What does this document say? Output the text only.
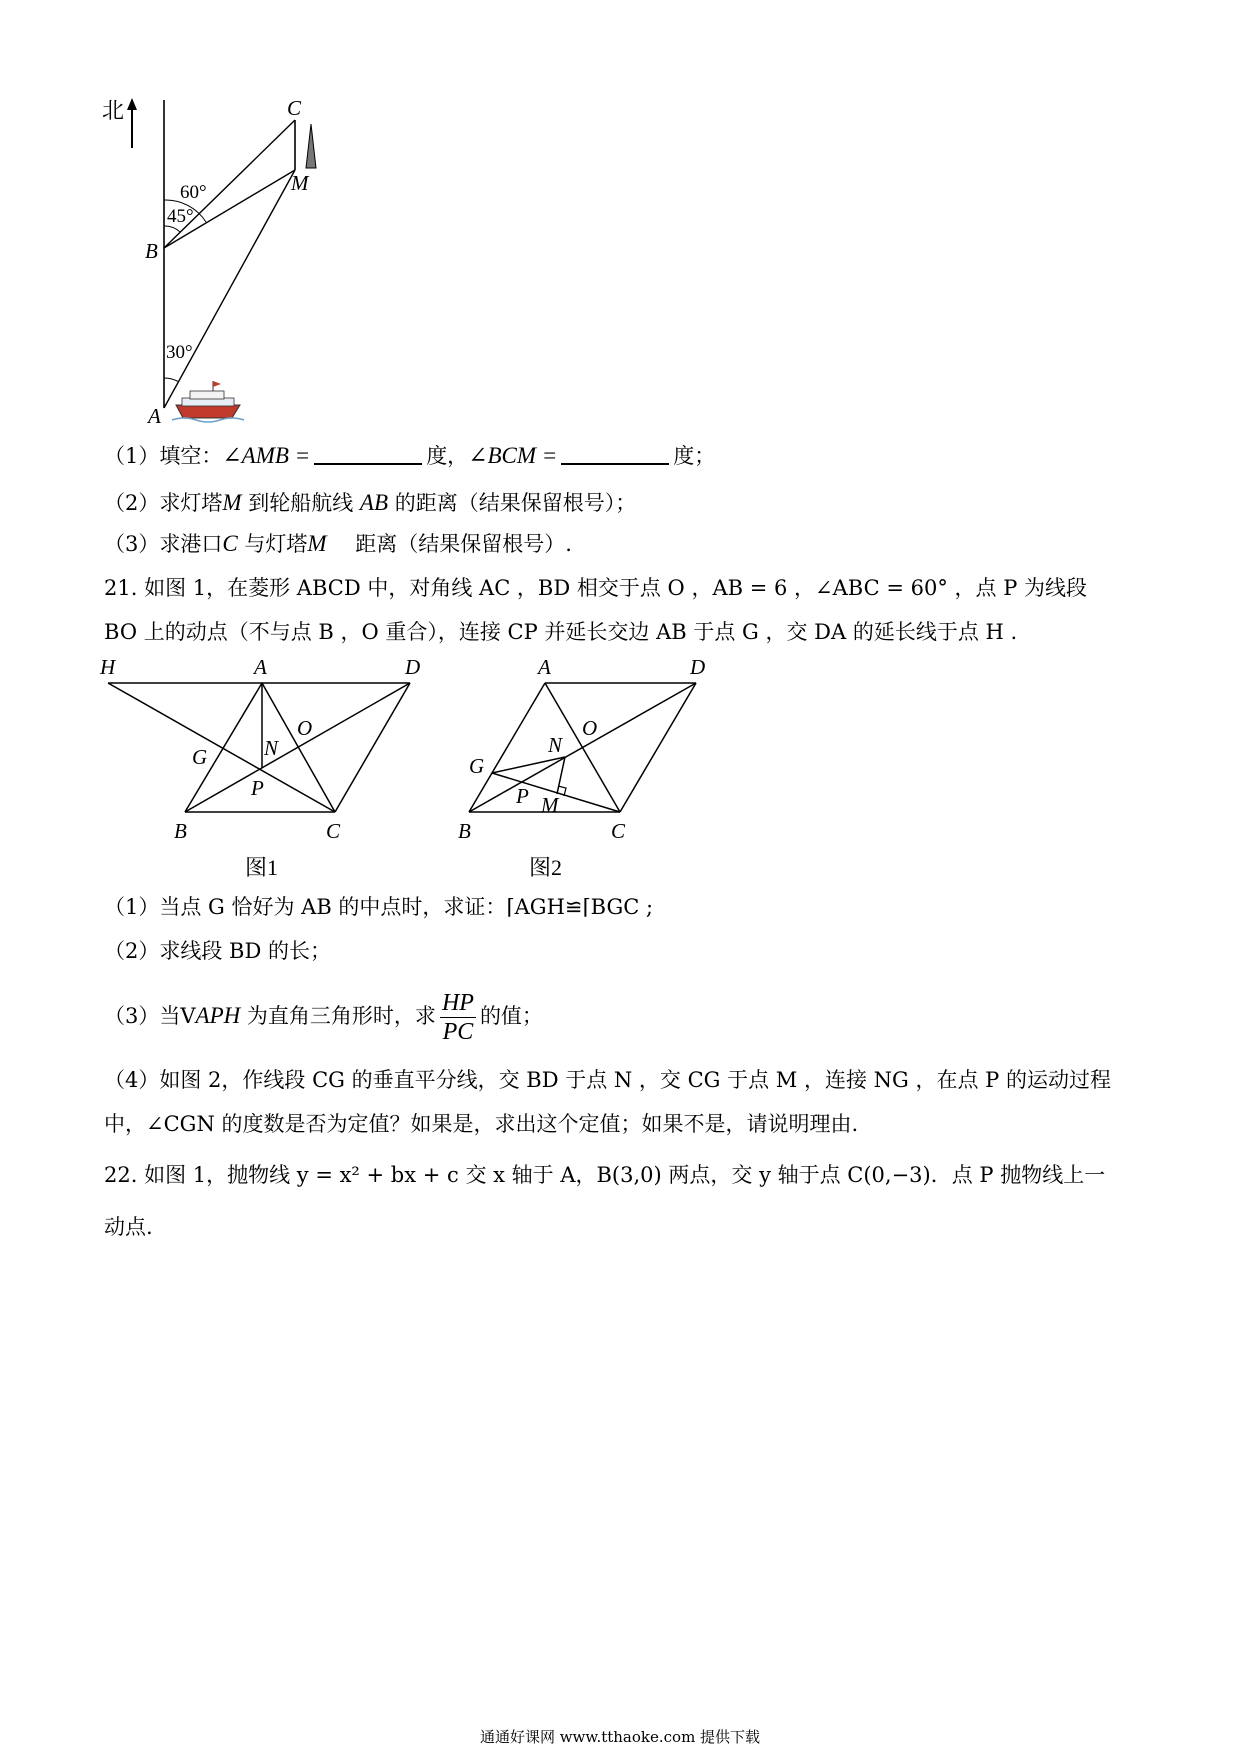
北	C
M
B
A
60°
45°
30°
（1）填空：∠AMB =	度，∠BCM =	度；
（2）求灯塔M 到轮船航线 AB 的距离（结果保留根号）；
（3）求港口C 与灯塔M 距离（结果保留根号）.
21. 如图 1，在菱形 ABCD 中，对角线 AC ，BD 相交于点 O ，AB = 6 ，∠ABC = 60° ，点 P 为线段
BO 上的动点（不与点 B ，O 重合），连接 CP 并延长交边 AB 于点 G ，交 DA 的延长线于点 H .
H	A	D
G	N
O
P
B	C
图1
A	D
O
N
G
P M
B	C
图2
（1）当点 G 恰好为 AB 的中点时，求证：⌈AGH≌⌈BGC ;
（2）求线段 BD 的长；
（3）当VAPH 为直角三角形时，求 $\frac{HP}{PC}$ 的值；
（4）如图 2，作线段 CG 的垂直平分线，交 BD 于点 N ，交 CG 于点 M ，连接 NG ，在点 P 的运动过程
中，∠CGN 的度数是否为定值？如果是，求出这个定值；如果不是，请说明理由.
22. 如图 1，抛物线 y = x² + bx + c 交 x 轴于 A，B(3,0) 两点，交 y 轴于点 C(0,−3)．点 P 抛物线上一
动点.
通通好课网 www.tthaoke.com 提供下载
